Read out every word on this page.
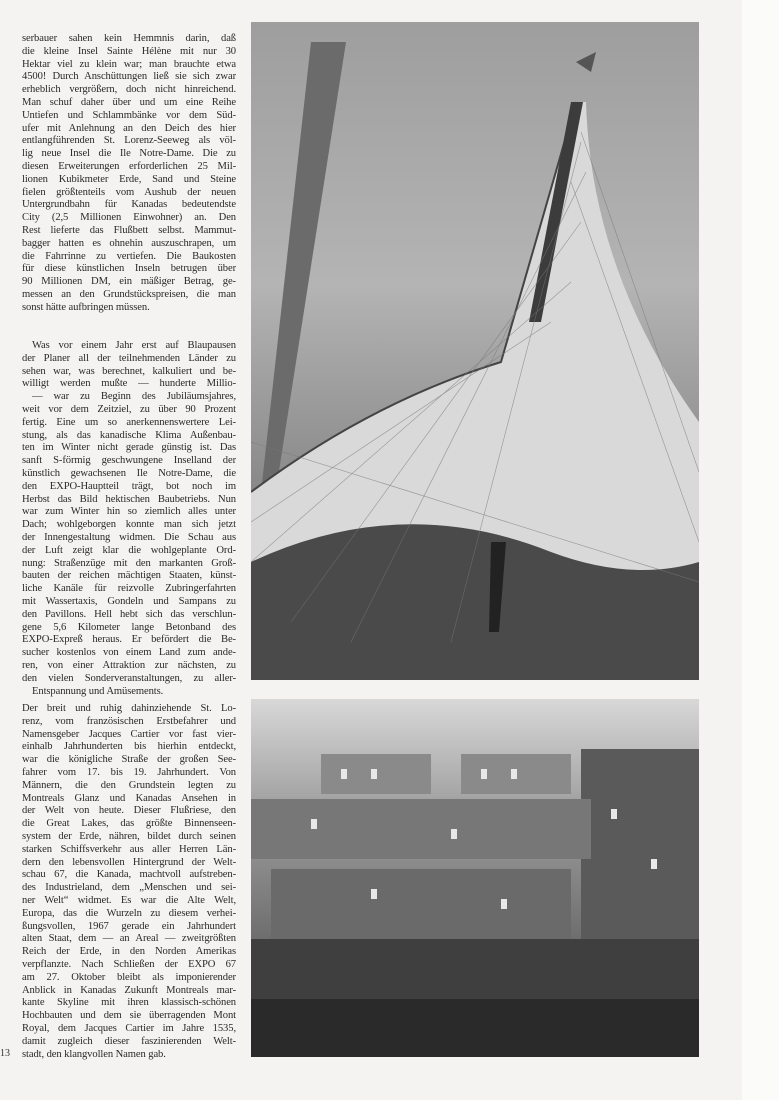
serbauer sahen kein Hemmnis darin, daß
die kleine Insel Sainte Hélène mit nur 30
Hektar viel zu klein war; man brauchte etwa
4500! Durch Anschüttungen ließ sie sich zwar
erheblich vergrößern, doch nicht hinreichend.
Man schuf daher über und um eine Reihe
Untiefen und Schlammbänke vor dem Süd-
ufer mit Anlehnung an den Deich des hier
entlangführenden St. Lorenz-Seeweg als völ-
lig neue Insel die Ile Notre-Dame. Die zu
diesen Erweiterungen erforderlichen 25 Mil-
lionen Kubikmeter Erde, Sand und Steine
fielen größtenteils vom Aushub der neuen
Untergrundbahn für Kanadas bedeutendste
City (2,5 Millionen Einwohner) an. Den
Rest lieferte das Flußbett selbst. Mammut-
bagger hatten es ohnehin auszuschrapen, um
die Fahrrinne zu vertiefen. Die Baukosten
für diese künstlichen Inseln betrugen über
90 Millionen DM, ein mäßiger Betrag, ge-
messen an den Grundstückspreisen, die man
sonst hätte aufbringen müssen.
Was vor einem Jahr erst auf Blaupausen
der Planer all der teilnehmenden Länder zu
sehen war, was berechnet, kalkuliert und be-
willigt werden mußte — hunderte Millio-
— war zu Beginn des Jubiläumsjahres,
weit vor dem Zeitziel, zu über 90 Prozent
fertig. Eine um so anerkennenswertere Lei-
stung, als das kanadische Klima Außenbau-
ten im Winter nicht gerade günstig ist. Das
sanft S-förmig geschwungene Inselland der
künstlich gewachsenen Ile Notre-Dame, die
den EXPO-Hauptteil trägt, bot noch im
Herbst das Bild hektischen Baubetriebs. Nun
war zum Winter hin so ziemlich alles unter
Dach; wohlgeborgen konnte man sich jetzt
der Innengestaltung widmen. Die Schau aus
der Luft zeigt klar die wohlgeplante Ord-
nung: Straßenzüge mit den markanten Groß-
bauten der reichen mächtigen Staaten, künst-
liche Kanäle für reizvolle Zubringerfahrten
mit Wassertaxis, Gondeln und Sampans zu
den Pavillons. Hell hebt sich das verschlun-
gene 5,6 Kilometer lange Betonband des
EXPO-Expreß heraus. Er befördert die Be-
sucher kostenlos von einem Land zum ande-
ren, von einer Attraktion zur nächsten, zu
den vielen Sonderveranstaltungen, zu aller-
Entspannung und Amüsements.
Der breit und ruhig dahinziehende St. Lo-
renz, vom französischen Erstbefahrer und
Namensgeber Jacques Cartier vor fast vier-
einhalb Jahrhunderten bis hierhin entdeckt,
war die königliche Straße der großen See-
fahrer vom 17. bis 19. Jahrhundert. Von
Männern, die den Grundstein legten zu
Montreals Glanz und Kanadas Ansehen in
der Welt von heute. Dieser Flußriese, den
die Great Lakes, das größte Binnenseen-
system der Erde, nähren, bildet durch seinen
starken Schiffsverkehr aus aller Herren Län-
dern den lebensvollen Hintergrund der Welt-
schau 67, die Kanada, machtvoll aufstreben-
des Industrieland, dem „Menschen und sei-
ner Welt“ widmet. Es war die Alte Welt,
Europa, das die Wurzeln zu diesem verhei-
ßungsvollen, 1967 gerade ein Jahrhundert
alten Staat, dem — an Areal — zweitgrößten
Reich der Erde, in den Norden Amerikas
verpflanzte. Nach Schließen der EXPO 67
am 27. Oktober bleibt als imponierender
Anblick in Kanadas Zukunft Montreals mar-
kante Skyline mit ihren klassisch-schönen
Hochbauten und dem sie überragenden Mont
Royal, dem Jacques Cartier im Jahre 1535,
damit zugleich dieser faszinierenden Welt-
stadt, den klangvollen Namen gab.
13
